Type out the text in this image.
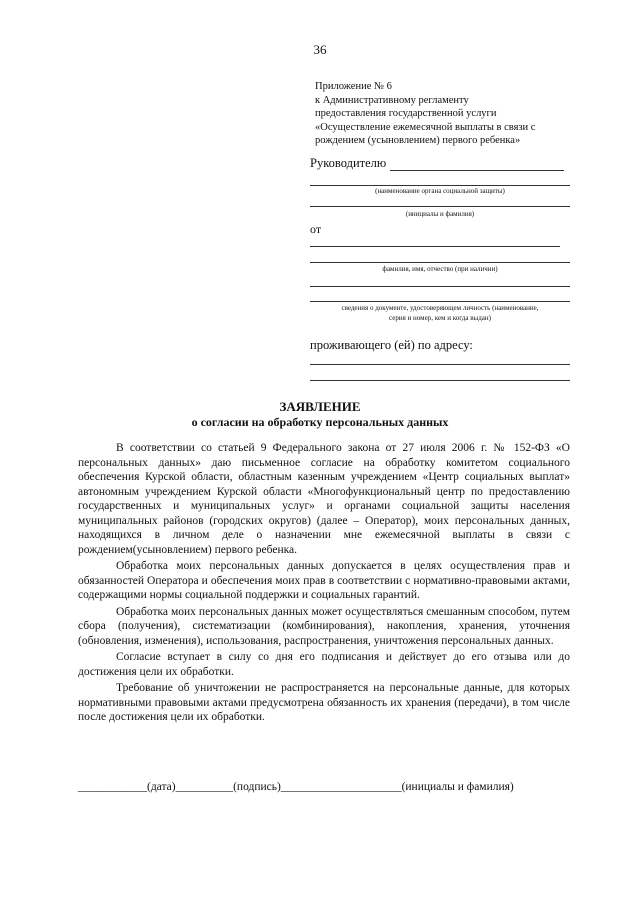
36
Приложение № 6
к Административному регламенту
предоставления государственной услуги
«Осуществление ежемесячной выплаты в связи с
рождением (усыновлением) первого ребенка»
Руководителю
(наименование органа социальной защиты)
(инициалы и фамилия)
от
фамилия, имя, отчество (при наличии)
сведения о документе, удостоверяющем личность (наименование,
серия и номер, кем и когда выдан)
проживающего (ей) по адресу:
ЗАЯВЛЕНИЕ
о согласии на обработку персональных данных

В соответствии со статьей 9 Федерального закона от 27 июля 2006 г. № 152-ФЗ «О персональных данных» даю письменное согласие на обработку комитетом социального обеспечения Курской области, областным казенным учреждением «Центр социальных выплат» автономным учреждением Курской области «Многофункциональный центр по предоставлению государственных и муниципальных услуг» и органами социальной защиты населения муниципальных районов (городских округов) (далее – Оператор), моих персональных данных, находящихся в личном деле о назначении мне ежемесячной выплаты в связи с рождением(усыновлением) первого ребенка.

Обработка моих персональных данных допускается в целях осуществления прав и обязанностей Оператора и обеспечения моих прав в соответствии с нормативно-правовыми актами, содержащими нормы социальной поддержки и социальных гарантий.

Обработка моих персональных данных может осуществляться смешанным способом, путем сбора (получения), систематизации (комбинирования), накопления, хранения, уточнения (обновления, изменения), использования, распространения, уничтожения персональных данных.

Согласие вступает в силу со дня его подписания и действует до его отзыва или до достижения цели их обработки.

Требование об уничтожении не распространяется на персональные данные, для которых нормативными правовыми актами предусмотрена обязанность их хранения (передачи), в том числе после достижения цели их обработки.

____________(дата)__________(подпись)_____________________(инициалы и фамилия)
